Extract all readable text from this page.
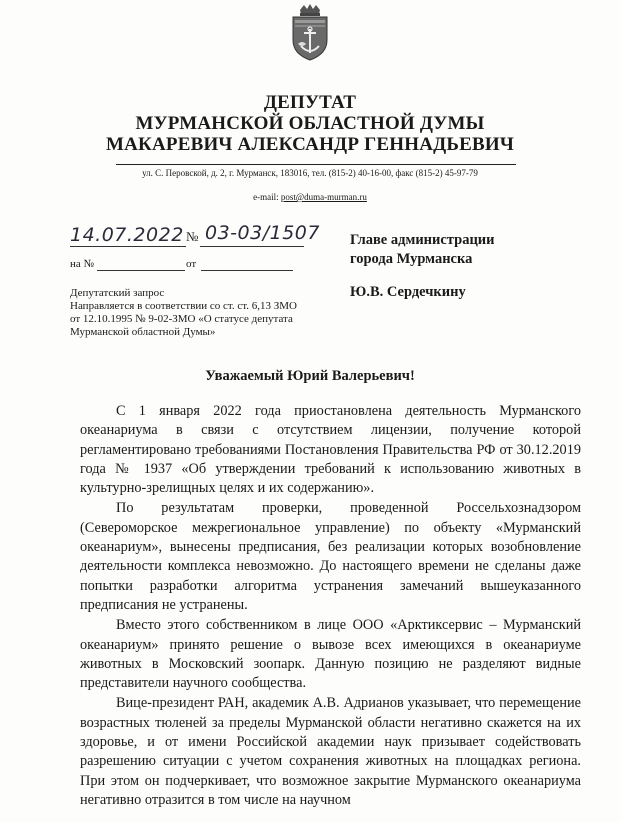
ДЕПУТАТ
МУРМАНСКОЙ ОБЛАСТНОЙ ДУМЫ
МАКАРЕВИЧ АЛЕКСАНДР ГЕННАДЬЕВИЧ
ул. С. Перовской, д. 2, г. Мурманск, 183016, тел. (815-2) 40-16-00, факс (815-2) 45-97-79
e-mail: post@duma-murman.ru
14.07.2022 № 03-03/1507
на №	от
Главе администрации
города Мурманска
Ю.В. Сердечкину
Депутатский запрос
Направляется в соответствии со ст. ст. 6,13 ЗМО
от 12.10.1995 № 9-02-ЗМО «О статусе депутата
Мурманской областной Думы»
Уважаемый Юрий Валерьевич!

С 1 января 2022 года приостановлена деятельность Мурманского океанариума в связи с отсутствием лицензии, получение которой регламентировано требованиями Постановления Правительства РФ от 30.12.2019 года № 1937 «Об утверждении требований к использованию животных в культурно-зрелищных целях и их содержанию».

По результатам проверки, проведенной Россельхознадзором (Североморское межрегиональное управление) по объекту «Мурманский океанариум», вынесены предписания, без реализации которых возобновление деятельности комплекса невозможно. До настоящего времени не сделаны даже попытки разработки алгоритма устранения замечаний вышеуказанного предписания не устранены.

Вместо этого собственником в лице ООО «Арктиксервис – Мурманский океанариум» принято решение о вывозе всех имеющихся в океанариуме животных в Московский зоопарк. Данную позицию не разделяют видные представители научного сообщества.

Вице-президент РАН, академик А.В. Адрианов указывает, что перемещение возрастных тюленей за пределы Мурманской области негативно скажется на их здоровье, и от имени Российской академии наук призывает содействовать разрешению ситуации с учетом сохранения животных на площадках региона. При этом он подчеркивает, что возможное закрытие Мурманского океанариума негативно отразится в том числе на научном
